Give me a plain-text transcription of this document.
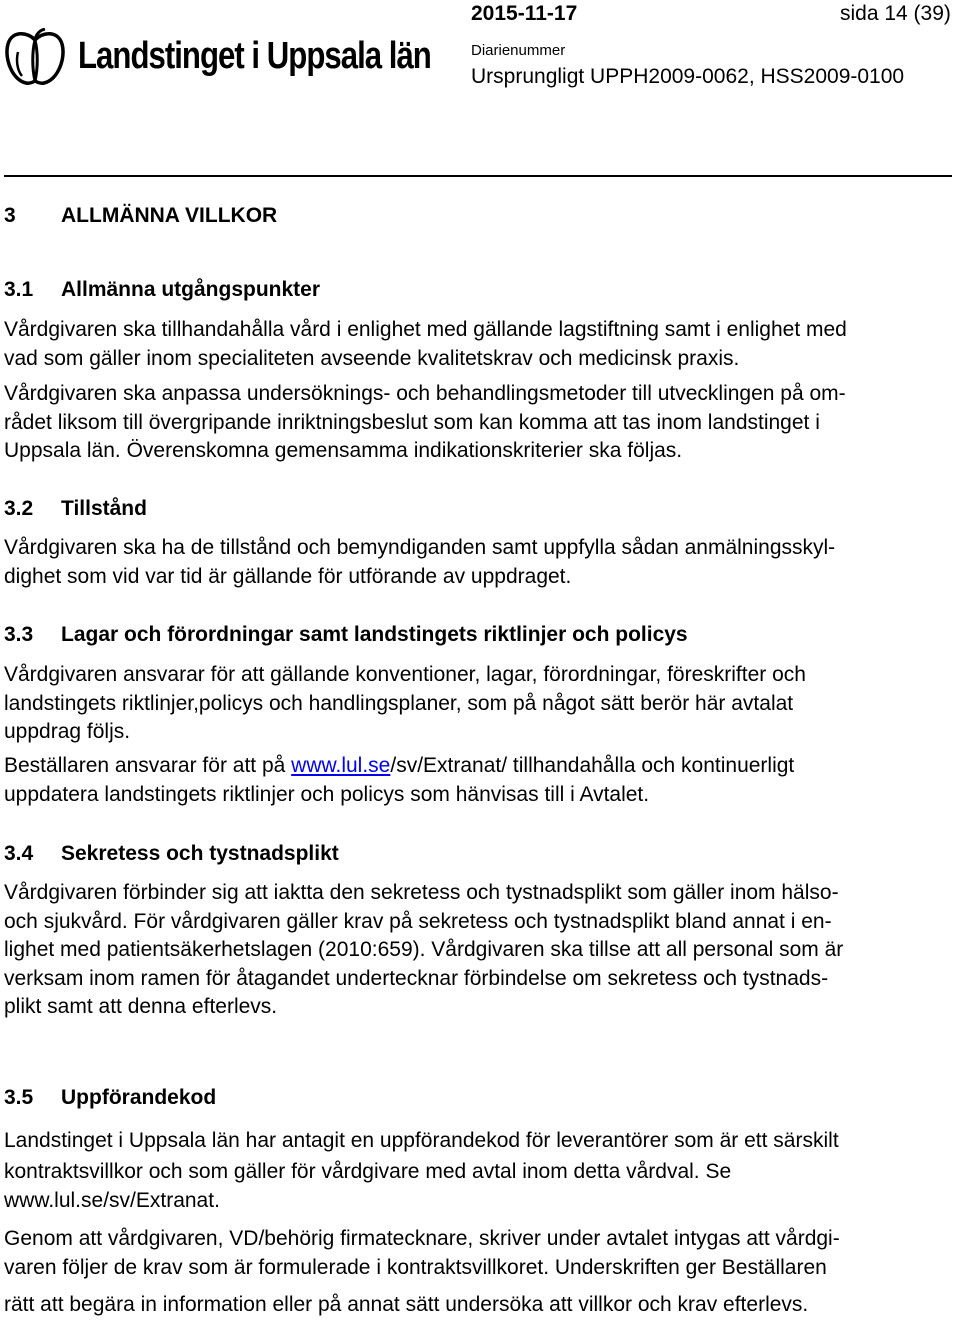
Landstinget i Uppsala län
2015-11-17	sida 14 (39)
Diarienummer
Ursprungligt UPPH2009-0062, HSS2009-0100
3 ALLMÄNNA VILLKOR
3.1 Allmänna utgångspunkter
Vårdgivaren ska tillhandahålla vård i enlighet med gällande lagstiftning samt i enlighet med
vad som gäller inom specialiteten avseende kvalitetskrav och medicinsk praxis.
Vårdgivaren ska anpassa undersöknings- och behandlingsmetoder till utvecklingen på om-
rådet liksom till övergripande inriktningsbeslut som kan komma att tas inom landstinget i
Uppsala län. Överenskomna gemensamma indikationskriterier ska följas.
3.2 Tillstånd
Vårdgivaren ska ha de tillstånd och bemyndiganden samt uppfylla sådan anmälningsskyl-
dighet som vid var tid är gällande för utförande av uppdraget.
3.3 Lagar och förordningar samt landstingets riktlinjer och policys
Vårdgivaren ansvarar för att gällande konventioner, lagar, förordningar, föreskrifter och
landstingets riktlinjer,policys och handlingsplaner, som på något sätt berör här avtalat
uppdrag följs.
Beställaren ansvarar för att på www.lul.se/sv/Extranat/ tillhandahålla och kontinuerligt
uppdatera landstingets riktlinjer och policys som hänvisas till i Avtalet.
3.4 Sekretess och tystnadsplikt
Vårdgivaren förbinder sig att iaktta den sekretess och tystnadsplikt som gäller inom hälso-
och sjukvård. För vårdgivaren gäller krav på sekretess och tystnadsplikt bland annat i en-
lighet med patientsäkerhetslagen (2010:659). Vårdgivaren ska tillse att all personal som är
verksam inom ramen för åtagandet undertecknar förbindelse om sekretess och tystnads-
plikt samt att denna efterlevs.
3.5 Uppförandekod
Landstinget i Uppsala län har antagit en uppförandekod för leverantörer som är ett särskilt
kontraktsvillkor och som gäller för vårdgivare med avtal inom detta vårdval. Se
www.lul.se/sv/Extranat.
Genom att vårdgivaren, VD/behörig firmatecknare, skriver under avtalet intygas att vårdgi-
varen följer de krav som är formulerade i kontraktsvillkoret. Underskriften ger Beställaren
rätt att begära in information eller på annat sätt undersöka att villkor och krav efterlevs.
